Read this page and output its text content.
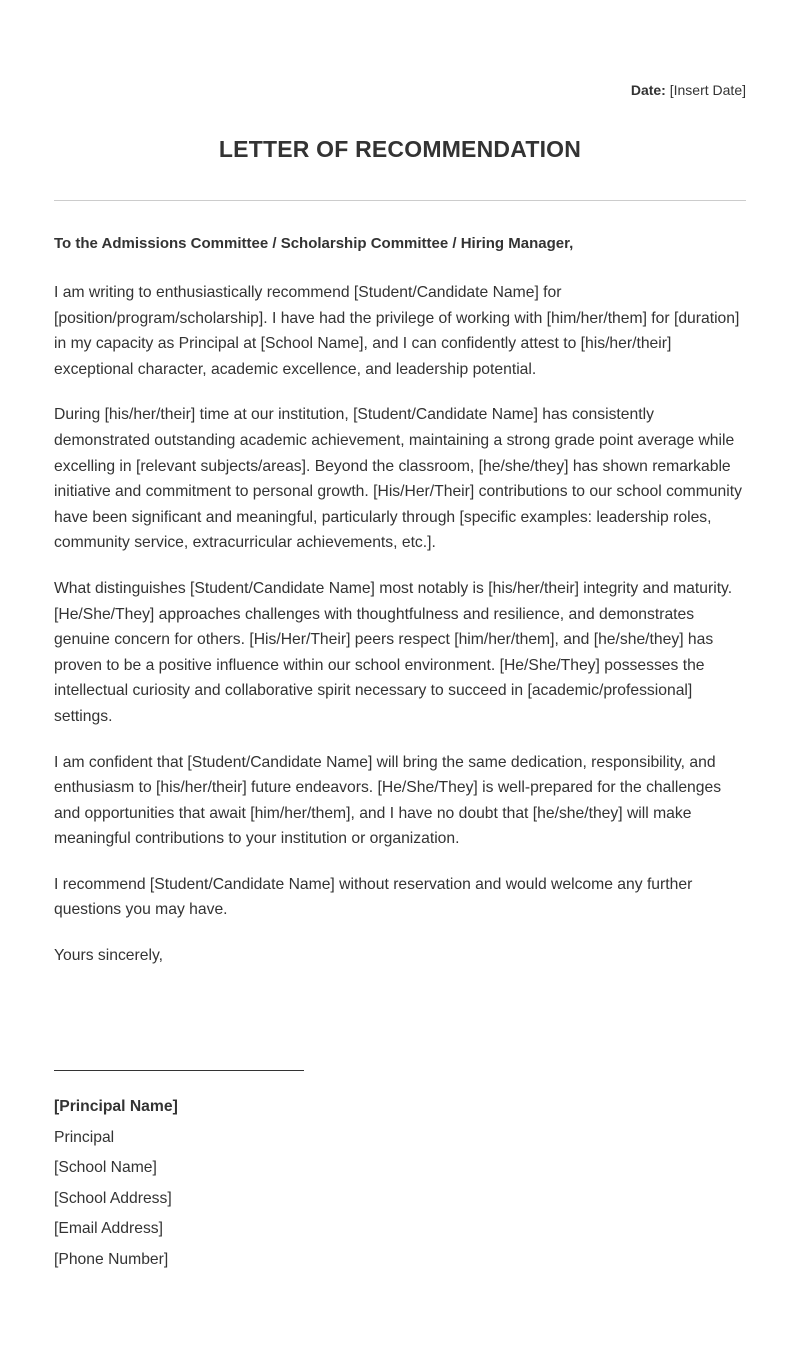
Date: [Insert Date]
LETTER OF RECOMMENDATION

To the Admissions Committee / Scholarship Committee / Hiring Manager,

I am writing to enthusiastically recommend [Student/Candidate Name] for [position/program/scholarship]. I have had the privilege of working with [him/her/them] for [duration] in my capacity as Principal at [School Name], and I can confidently attest to [his/her/their] exceptional character, academic excellence, and leadership potential.

During [his/her/their] time at our institution, [Student/Candidate Name] has consistently demonstrated outstanding academic achievement, maintaining a strong grade point average while excelling in [relevant subjects/areas]. Beyond the classroom, [he/she/they] has shown remarkable initiative and commitment to personal growth. [His/Her/Their] contributions to our school community have been significant and meaningful, particularly through [specific examples: leadership roles, community service, extracurricular achievements, etc.].

What distinguishes [Student/Candidate Name] most notably is [his/her/their] integrity and maturity. [He/She/They] approaches challenges with thoughtfulness and resilience, and demonstrates genuine concern for others. [His/Her/Their] peers respect [him/her/them], and [he/she/they] has proven to be a positive influence within our school environment. [He/She/They] possesses the intellectual curiosity and collaborative spirit necessary to succeed in [academic/professional] settings.

I am confident that [Student/Candidate Name] will bring the same dedication, responsibility, and enthusiasm to [his/her/their] future endeavors. [He/She/They] is well-prepared for the challenges and opportunities that await [him/her/them], and I have no doubt that [he/she/they] will make meaningful contributions to your institution or organization.

I recommend [Student/Candidate Name] without reservation and would welcome any further questions you may have.

Yours sincerely,

[Principal Name]
Principal
[School Name]
[School Address]
[Email Address]
[Phone Number]
